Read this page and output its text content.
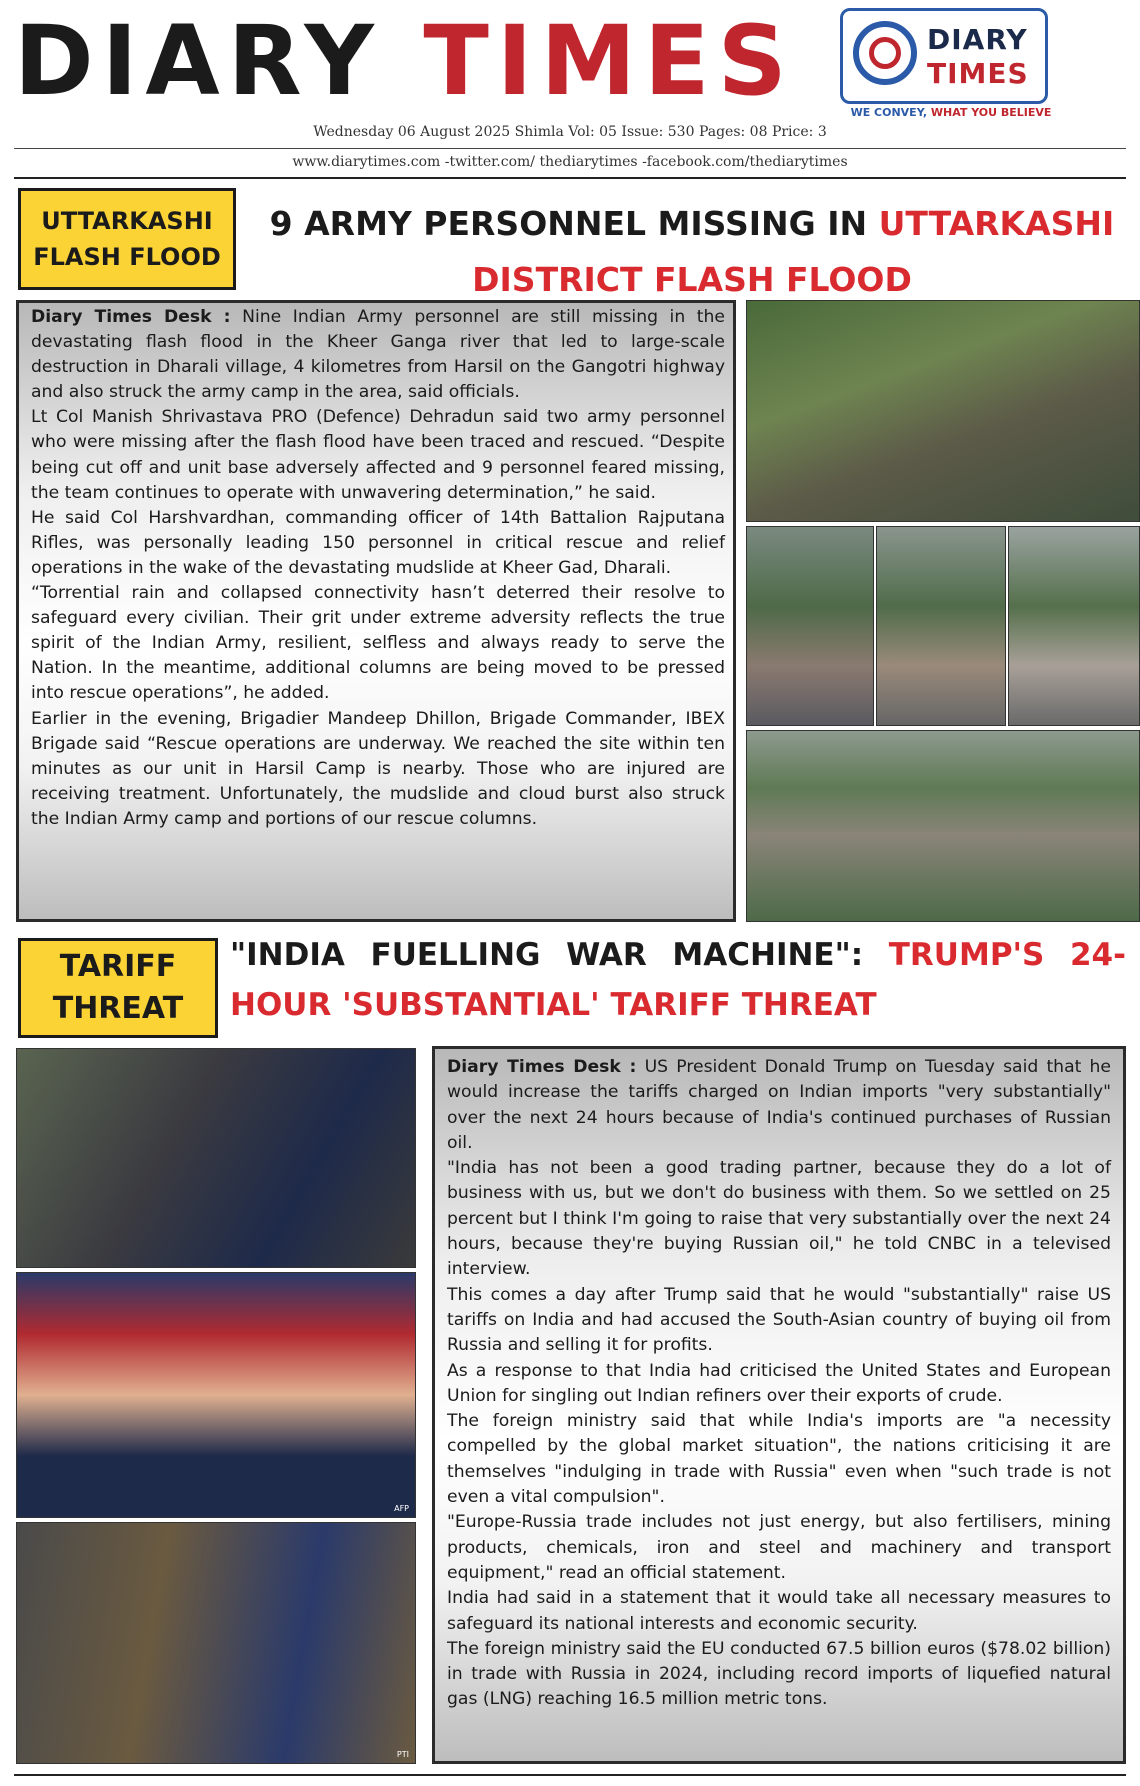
DIARY TIMES	DIARY
TIMES
WE CONVEY, WHAT YOU BELIEVE
Wednesday 06 August 2025 Shimla Vol: 05 Issue: 530 Pages: 08 Price: 3
www.diarytimes.com -twitter.com/ thediarytimes -facebook.com/thediarytimes
UTTARKASHI FLASH FLOOD
9 ARMY PERSONNEL MISSING IN UTTARKASHI DISTRICT FLASH FLOOD

Diary Times Desk : Nine Indian Army personnel are still missing in the devastating flash flood in the Kheer Ganga river that led to large-scale destruction in Dharali village, 4 kilometres from Harsil on the Gangotri highway and also struck the army camp in the area, said officials.

Lt Col Manish Shrivastava PRO (Defence) Dehradun said two army personnel who were missing after the flash flood have been traced and rescued. “Despite being cut off and unit base adversely affected and 9 personnel feared missing, the team continues to operate with unwavering determination,” he said.

He said Col Harshvardhan, commanding officer of 14th Battalion Rajputana Rifles, was personally leading 150 personnel in critical rescue and relief operations in the wake of the devastating mudslide at Kheer Gad, Dharali.

“Torrential rain and collapsed connectivity hasn’t deterred their resolve to safeguard every civilian. Their grit under extreme adversity reflects the true spirit of the Indian Army, resilient, selfless and always ready to serve the Nation. In the meantime, additional columns are being moved to be pressed into rescue operations”, he added.

Earlier in the evening, Brigadier Mandeep Dhillon, Brigade Commander, IBEX Brigade said “Rescue operations are underway. We reached the site within ten minutes as our unit in Harsil Camp is nearby. Those who are injured are receiving treatment. Unfortunately, the mudslide and cloud burst also struck the Indian Army camp and portions of our rescue columns.

TARIFF THREAT
"INDIA FUELLING WAR MACHINE": TRUMP'S 24-HOUR 'SUBSTANTIAL' TARIFF THREAT
AFP
PTI

Diary Times Desk : US President Donald Trump on Tuesday said that he would increase the tariffs charged on Indian imports "very substantially" over the next 24 hours because of India's continued purchases of Russian oil.

"India has not been a good trading partner, because they do a lot of business with us, but we don't do business with them. So we settled on 25 percent but I think I'm going to raise that very substantially over the next 24 hours, because they're buying Russian oil," he told CNBC in a televised interview.

This comes a day after Trump said that he would "substantially" raise US tariffs on India and had accused the South-Asian country of buying oil from Russia and selling it for profits.

As a response to that India had criticised the United States and European Union for singling out Indian refiners over their exports of crude.

The foreign ministry said that while India's imports are "a necessity compelled by the global market situation", the nations criticising it are themselves "indulging in trade with Russia" even when "such trade is not even a vital compulsion".

"Europe-Russia trade includes not just energy, but also fertilisers, mining products, chemicals, iron and steel and machinery and transport equipment," read an official statement.

India had said in a statement that it would take all necessary measures to safeguard its national interests and economic security.

The foreign ministry said the EU conducted 67.5 billion euros ($78.02 billion) in trade with Russia in 2024, including record imports of liquefied natural gas (LNG) reaching 16.5 million metric tons.
